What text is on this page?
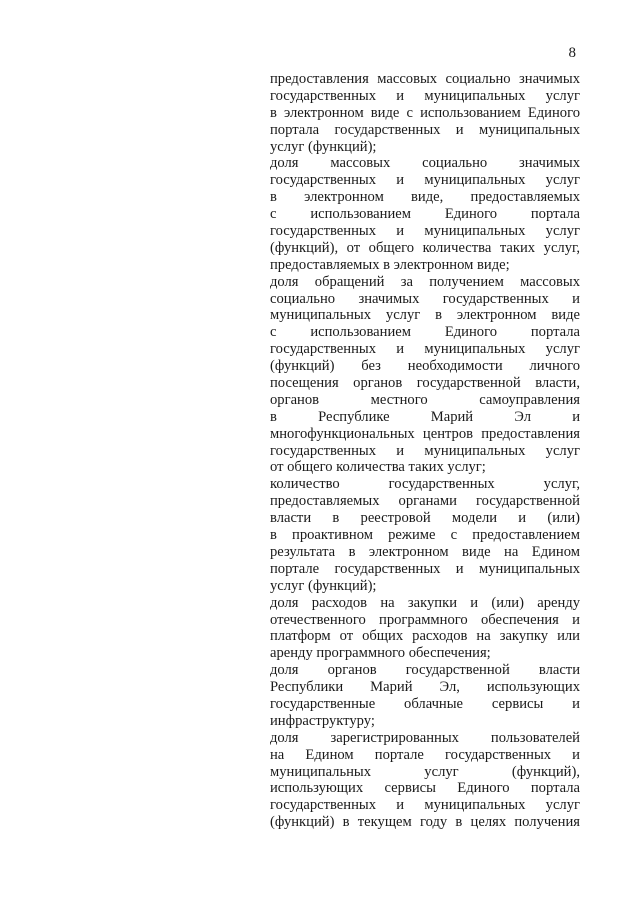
8
предоставления массовых социально значимых
государственных и муниципальных услуг
в электронном виде с использованием Единого
портала государственных и муниципальных
услуг (функций);
доля массовых социально значимых
государственных и муниципальных услуг
в электронном виде, предоставляемых
с использованием Единого портала
государственных и муниципальных услуг
(функций), от общего количества таких услуг,
предоставляемых в электронном виде;
доля обращений за получением массовых
социально значимых государственных и
муниципальных услуг в электронном виде
с использованием Единого портала
государственных и муниципальных услуг
(функций) без необходимости личного
посещения органов государственной власти,
органов местного самоуправления
в Республике Марий Эл и
многофункциональных центров предоставления
государственных и муниципальных услуг
от общего количества таких услуг;
количество государственных услуг,
предоставляемых органами государственной
власти в реестровой модели и (или)
в проактивном режиме с предоставлением
результата в электронном виде на Едином
портале государственных и муниципальных
услуг (функций);
доля расходов на закупки и (или) аренду
отечественного программного обеспечения и
платформ от общих расходов на закупку или
аренду программного обеспечения;
доля органов государственной власти
Республики Марий Эл, использующих
государственные облачные сервисы и
инфраструктуру;
доля зарегистрированных пользователей
на Едином портале государственных и
муниципальных услуг (функций),
использующих сервисы Единого портала
государственных и муниципальных услуг
(функций) в текущем году в целях получения
